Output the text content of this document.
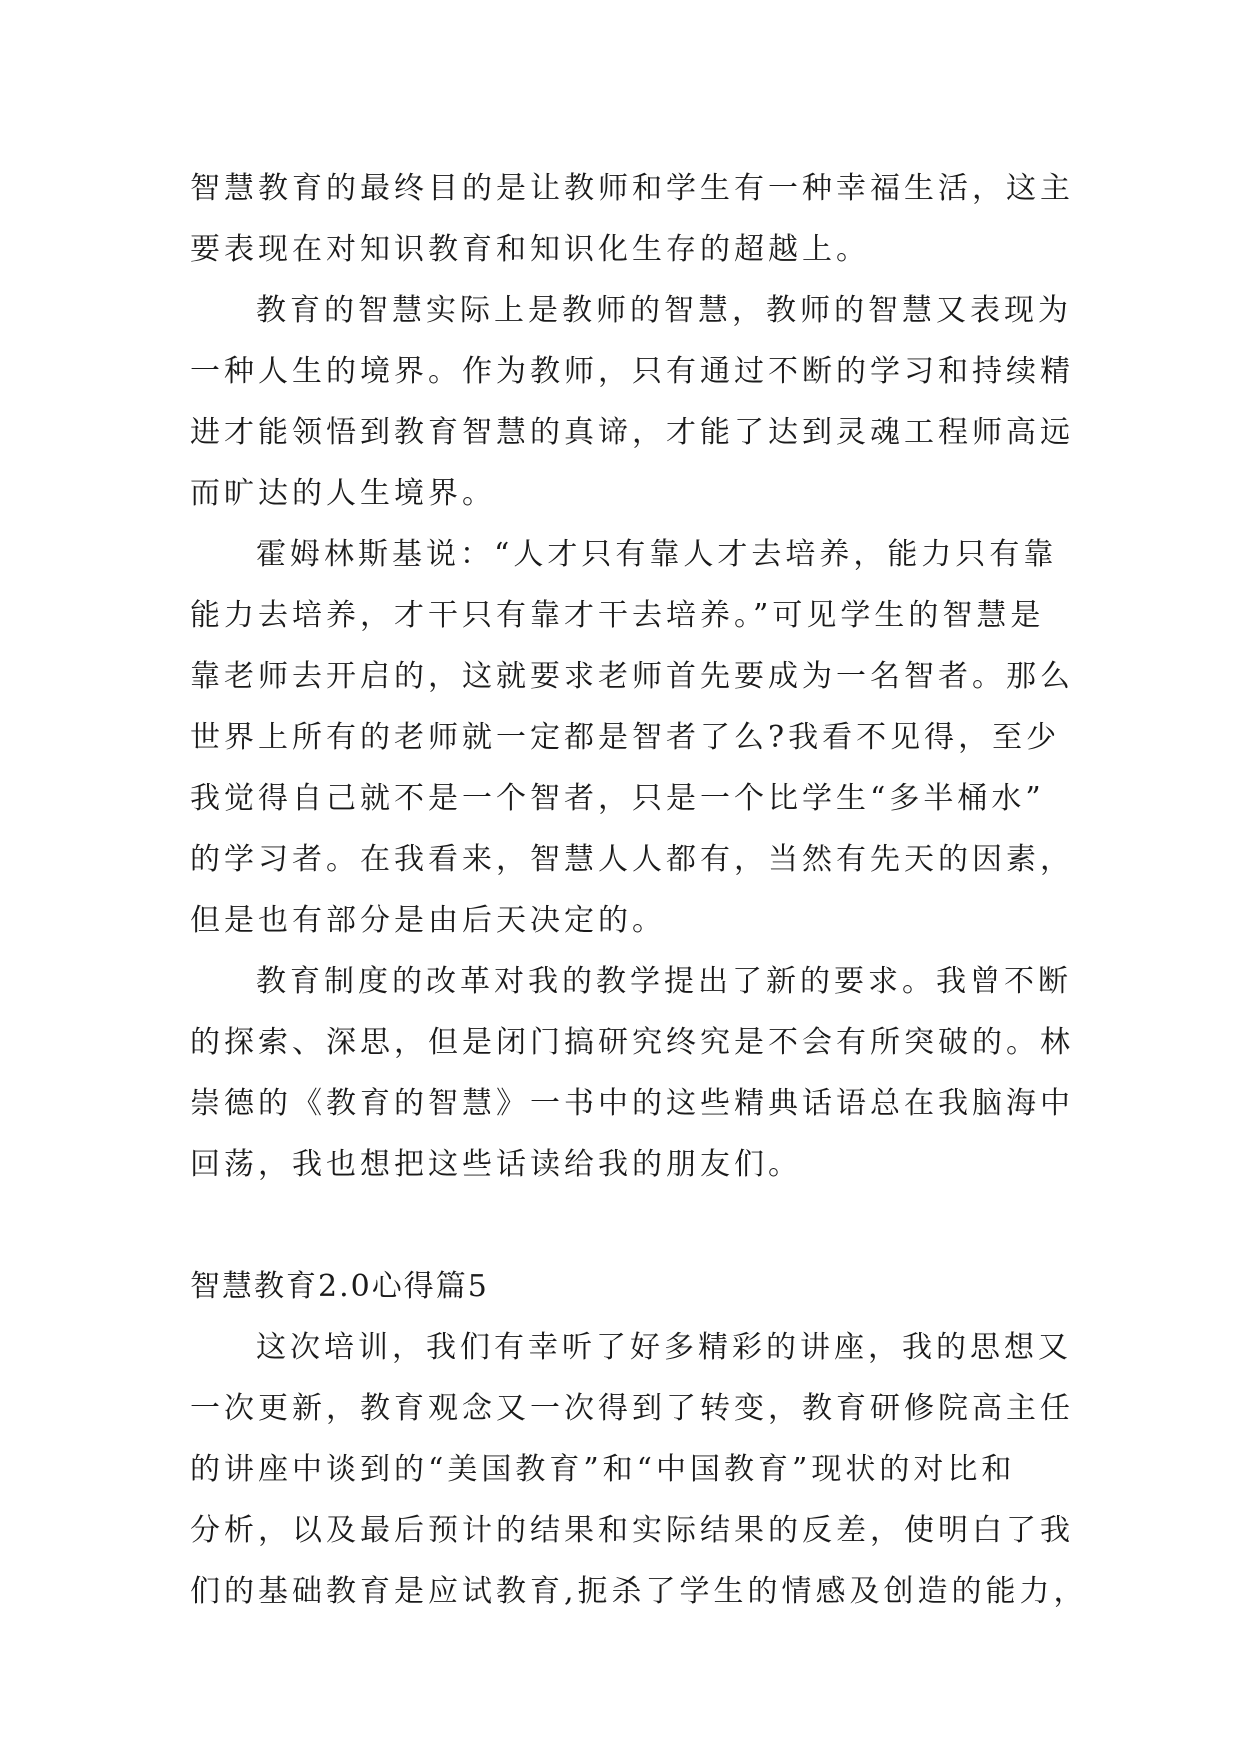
智慧教育的最终目的是让教师和学生有一种幸福生活，这主
要表现在对知识教育和知识化生存的超越上。
教育的智慧实际上是教师的智慧，教师的智慧又表现为
一种人生的境界。作为教师，只有通过不断的学习和持续精
进才能领悟到教育智慧的真谛，才能了达到灵魂工程师高远
而旷达的人生境界。
霍姆林斯基说：“人才只有靠人才去培养，能力只有靠
能力去培养，才干只有靠才干去培养。”可见学生的智慧是
靠老师去开启的，这就要求老师首先要成为一名智者。那么
世界上所有的老师就一定都是智者了么?我看不见得，至少
我觉得自己就不是一个智者，只是一个比学生“多半桶水”
的学习者。在我看来，智慧人人都有，当然有先天的因素，
但是也有部分是由后天决定的。
教育制度的改革对我的教学提出了新的要求。我曾不断
的探索、深思，但是闭门搞研究终究是不会有所突破的。林
崇德的《教育的智慧》一书中的这些精典话语总在我脑海中
回荡，我也想把这些话读给我的朋友们。
智慧教育2.0心得篇5
这次培训，我们有幸听了好多精彩的讲座，我的思想又
一次更新，教育观念又一次得到了转变，教育研修院高主任
的讲座中谈到的“美国教育”和“中国教育”现状的对比和
分析，以及最后预计的结果和实际结果的反差，使明白了我
们的基础教育是应试教育,扼杀了学生的情感及创造的能力，
